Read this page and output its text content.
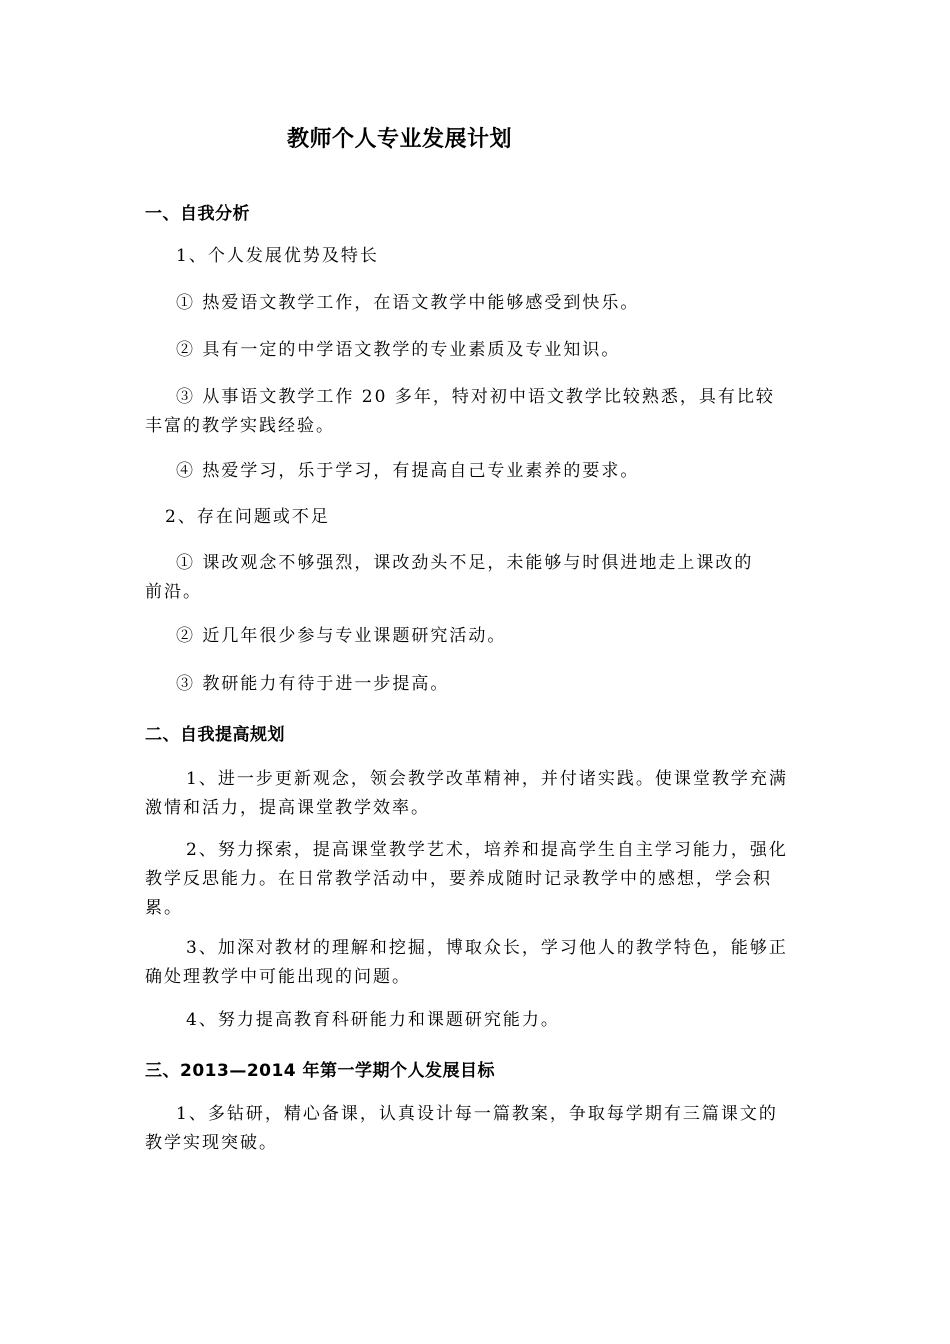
教师个人专业发展计划
一、自我分析
1、个人发展优势及特长
① 热爱语文教学工作，在语文教学中能够感受到快乐。
② 具有一定的中学语文教学的专业素质及专业知识。
③ 从事语文教学工作 20 多年，特对初中语文教学比较熟悉，具有比较
丰富的教学实践经验。
④ 热爱学习，乐于学习，有提高自己专业素养的要求。
2、存在问题或不足
① 课改观念不够强烈，课改劲头不足，未能够与时俱进地走上课改的
前沿。
② 近几年很少参与专业课题研究活动。
③ 教研能力有待于进一步提高。
二、自我提高规划
1、进一步更新观念，领会教学改革精神，并付诸实践。使课堂教学充满
激情和活力，提高课堂教学效率。
2、努力探索，提高课堂教学艺术，培养和提高学生自主学习能力，强化
教学反思能力。在日常教学活动中，要养成随时记录教学中的感想，学会积
累。
3、加深对教材的理解和挖掘，博取众长，学习他人的教学特色，能够正
确处理教学中可能出现的问题。
4、努力提高教育科研能力和课题研究能力。
三、2013—2014 年第一学期个人发展目标
1、多钻研，精心备课，认真设计每一篇教案，争取每学期有三篇课文的
教学实现突破。
